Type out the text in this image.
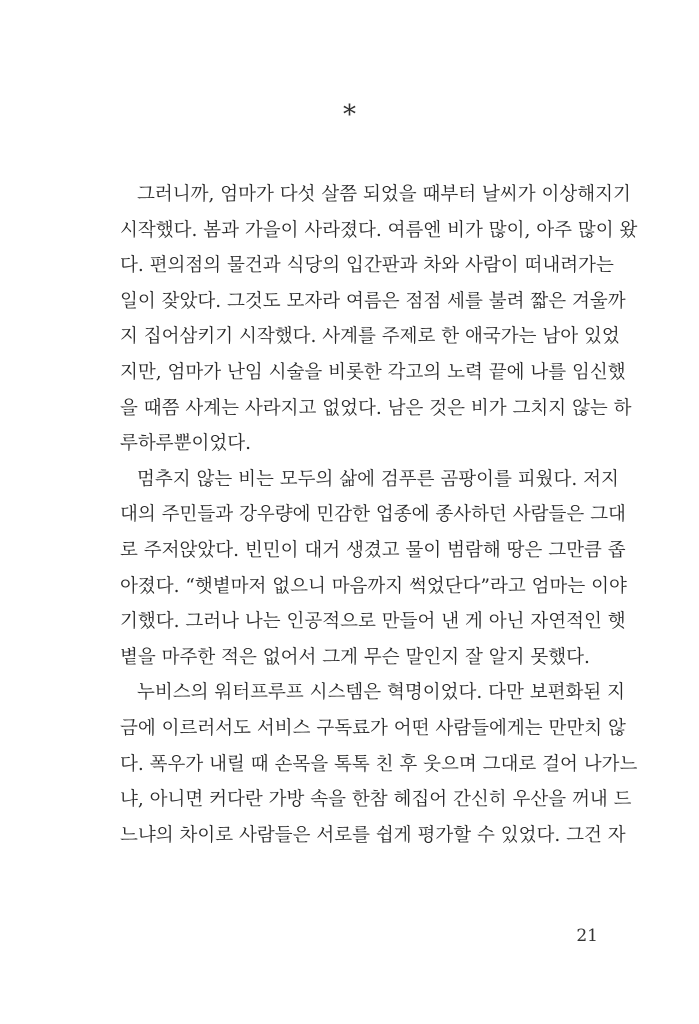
*
그러니까, 엄마가 다섯 살쯤 되었을 때부터 날씨가 이상해지기
시작했다. 봄과 가을이 사라졌다. 여름엔 비가 많이, 아주 많이 왔
다. 편의점의 물건과 식당의 입간판과 차와 사람이 떠내려가는
일이 잦았다. 그것도 모자라 여름은 점점 세를 불려 짧은 겨울까
지 집어삼키기 시작했다. 사계를 주제로 한 애국가는 남아 있었
지만, 엄마가 난임 시술을 비롯한 각고의 노력 끝에 나를 임신했
을 때쯤 사계는 사라지고 없었다. 남은 것은 비가 그치지 않는 하
루하루뿐이었다.
멈추지 않는 비는 모두의 삶에 검푸른 곰팡이를 피웠다. 저지
대의 주민들과 강우량에 민감한 업종에 종사하던 사람들은 그대
로 주저앉았다. 빈민이 대거 생겼고 물이 범람해 땅은 그만큼 좁
아졌다. “햇볕마저 없으니 마음까지 썩었단다”라고 엄마는 이야
기했다. 그러나 나는 인공적으로 만들어 낸 게 아닌 자연적인 햇
볕을 마주한 적은 없어서 그게 무슨 말인지 잘 알지 못했다.
누비스의 워터프루프 시스템은 혁명이었다. 다만 보편화된 지
금에 이르러서도 서비스 구독료가 어떤 사람들에게는 만만치 않
다. 폭우가 내릴 때 손목을 톡톡 친 후 웃으며 그대로 걸어 나가느
냐, 아니면 커다란 가방 속을 한참 헤집어 간신히 우산을 꺼내 드
느냐의 차이로 사람들은 서로를 쉽게 평가할 수 있었다. 그건 자
21
